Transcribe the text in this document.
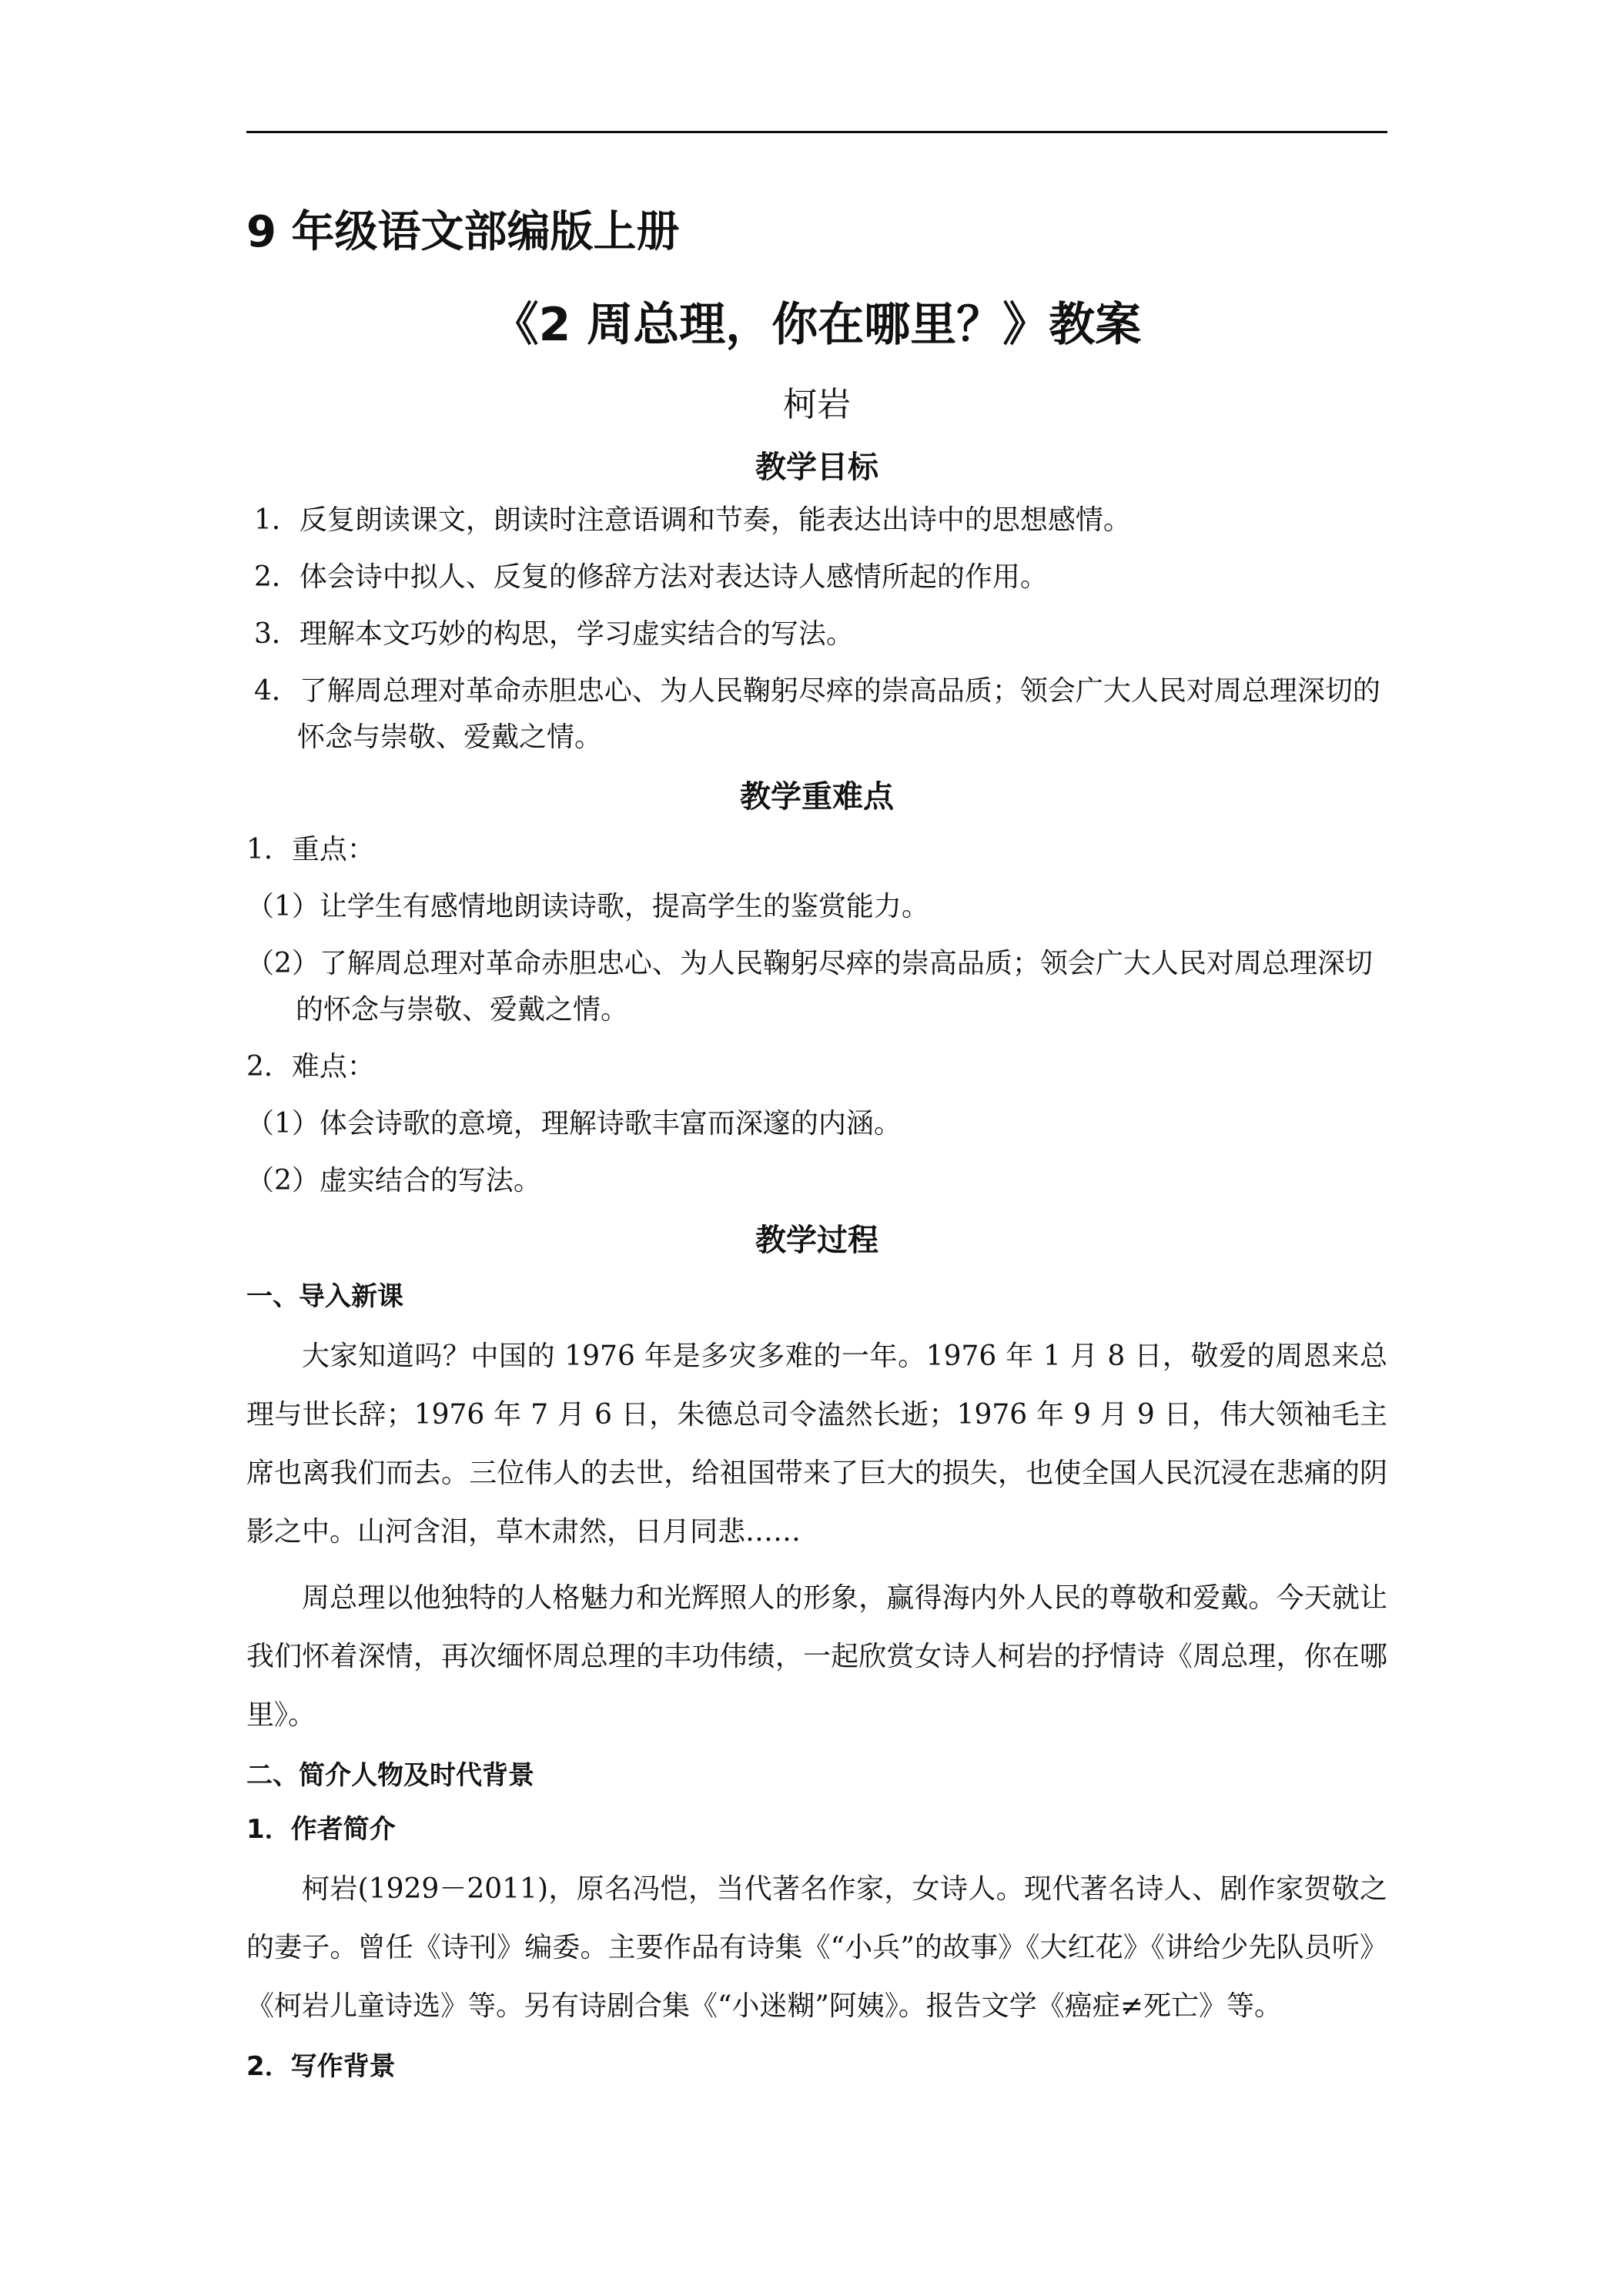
9 年级语文部编版上册
《2 周总理，你在哪里？》教案
柯岩
教学目标
1．反复朗读课文，朗读时注意语调和节奏，能表达出诗中的思想感情。
2．体会诗中拟人、反复的修辞方法对表达诗人感情所起的作用。
3．理解本文巧妙的构思，学习虚实结合的写法。
4．了解周总理对革命赤胆忠心、为人民鞠躬尽瘁的崇高品质；领会广大人民对周总理深切的怀念与崇敬、爱戴之情。
教学重难点
1．重点：
（1）让学生有感情地朗读诗歌，提高学生的鉴赏能力。
（2）了解周总理对革命赤胆忠心、为人民鞠躬尽瘁的崇高品质；领会广大人民对周总理深切的怀念与崇敬、爱戴之情。
2．难点：
（1）体会诗歌的意境，理解诗歌丰富而深邃的内涵。
（2）虚实结合的写法。
教学过程
一、导入新课
大家知道吗？中国的 1976 年是多灾多难的一年。1976 年 1 月 8 日，敬爱的周恩来总理与世长辞；1976 年 7 月 6 日，朱德总司令溘然长逝；1976 年 9 月 9 日，伟大领袖毛主席也离我们而去。三位伟人的去世，给祖国带来了巨大的损失，也使全国人民沉浸在悲痛的阴影之中。山河含泪，草木肃然，日月同悲……
周总理以他独特的人格魅力和光辉照人的形象，赢得海内外人民的尊敬和爱戴。今天就让我们怀着深情，再次缅怀周总理的丰功伟绩，一起欣赏女诗人柯岩的抒情诗《周总理，你在哪里》。
二、简介人物及时代背景
1．作者简介
柯岩(1929－2011)，原名冯恺，当代著名作家，女诗人。现代著名诗人、剧作家贺敬之的妻子。曾任《诗刊》编委。主要作品有诗集《“小兵”的故事》《大红花》《讲给少先队员听》《柯岩儿童诗选》等。另有诗剧合集《“小迷糊”阿姨》。报告文学《癌症≠死亡》等。
2．写作背景
